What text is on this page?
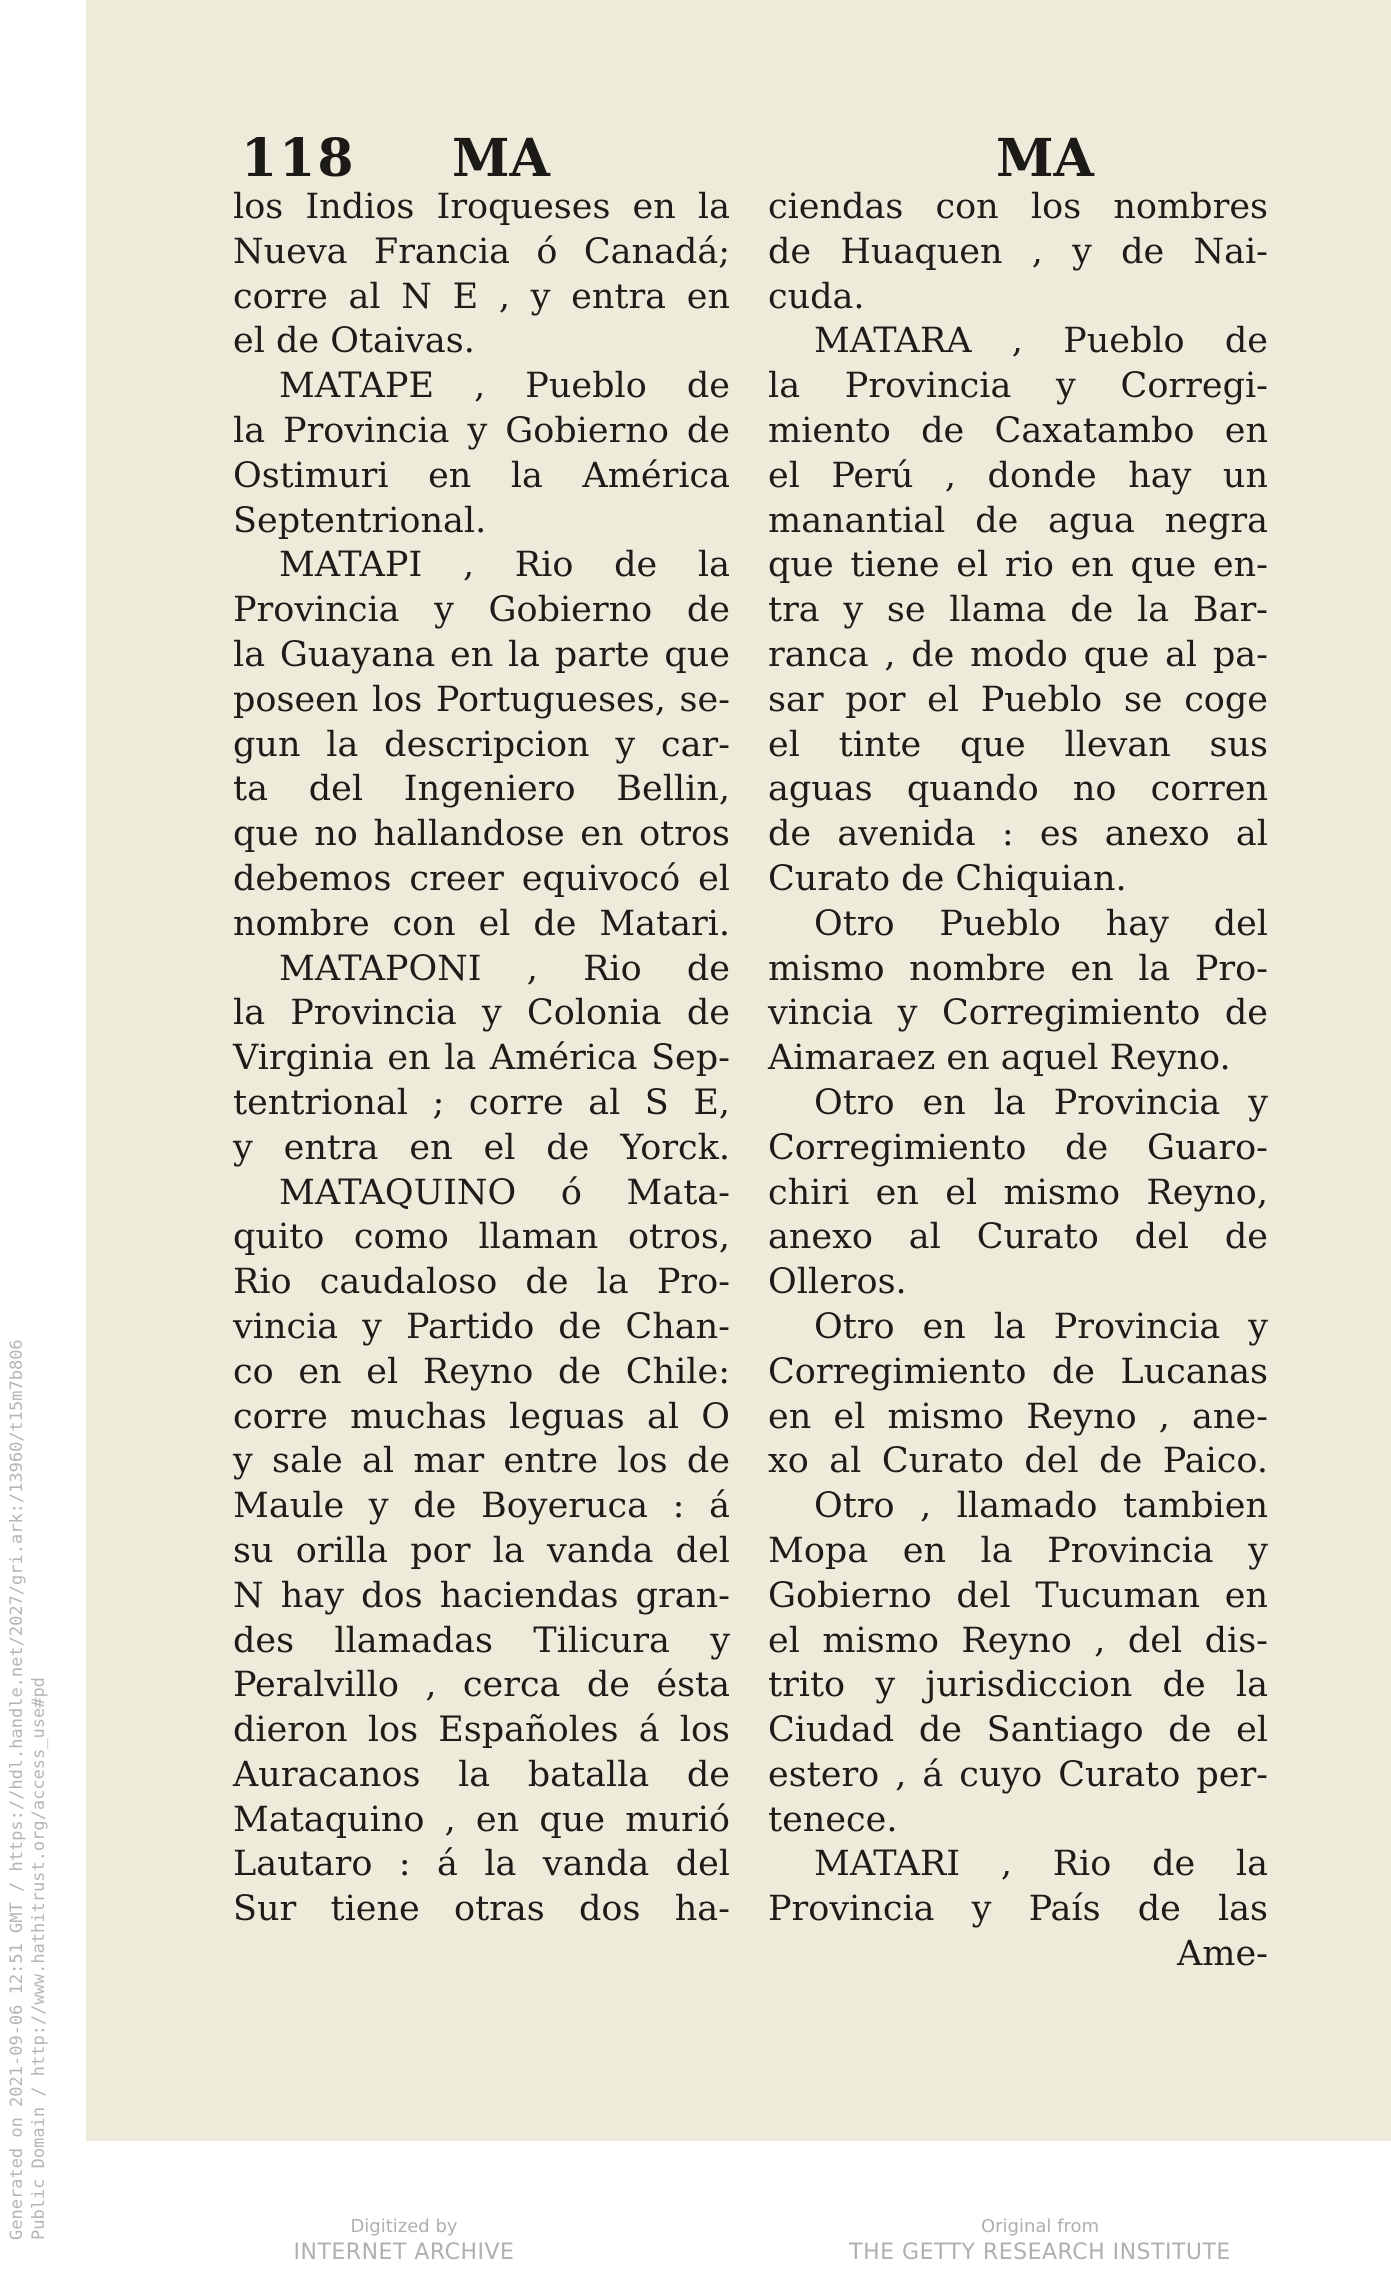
Generated on 2021-09-06 12:51 GMT / https://hdl.handle.net/2027/gri.ark:/13960/t15m7b806 Public Domain / http://www.hathitrust.org/access_use#pd
118 MA	MA
los Indios Iroqueses en la
Nueva Francia ó Canadá;
corre al N E , y entra en
el de Otaivas.
MATAPE , Pueblo de
la Provincia y Gobierno de
Ostimuri en la América
Septentrional.
MATAPI , Rio de la
Provincia y Gobierno de
la Guayana en la parte que
poseen los Portugueses, se-
gun la descripcion y car-
ta del Ingeniero Bellin,
que no hallandose en otros
debemos creer equivocó el
nombre con el de Matari.
MATAPONI , Rio de
la Provincia y Colonia de
Virginia en la América Sep-
tentrional ; corre al S E,
y entra en el de Yorck.
MATAQUINO ó Mata-
quito como llaman otros,
Rio caudaloso de la Pro-
vincia y Partido de Chan-
co en el Reyno de Chile:
corre muchas leguas al O
y sale al mar entre los de
Maule y de Boyeruca : á
su orilla por la vanda del
N hay dos haciendas gran-
des llamadas Tilicura y
Peralvillo , cerca de ésta
dieron los Españoles á los
Auracanos la batalla de
Mataquino , en que murió
Lautaro : á la vanda del
Sur tiene otras dos ha-
ciendas con los nombres
de Huaquen , y de Nai-
cuda.
MATARA , Pueblo de
la Provincia y Corregi-
miento de Caxatambo en
el Perú , donde hay un
manantial de agua negra
que tiene el rio en que en-
tra y se llama de la Bar-
ranca , de modo que al pa-
sar por el Pueblo se coge
el tinte que llevan sus
aguas quando no corren
de avenida : es anexo al
Curato de Chiquian.
Otro Pueblo hay del
mismo nombre en la Pro-
vincia y Corregimiento de
Aimaraez en aquel Reyno.
Otro en la Provincia y
Corregimiento de Guaro-
chiri en el mismo Reyno,
anexo al Curato del de
Olleros.
Otro en la Provincia y
Corregimiento de Lucanas
en el mismo Reyno , ane-
xo al Curato del de Paico.
Otro , llamado tambien
Mopa en la Provincia y
Gobierno del Tucuman en
el mismo Reyno , del dis-
trito y jurisdiccion de la
Ciudad de Santiago de el
estero , á cuyo Curato per-
tenece.
MATARI , Rio de la
Provincia y País de las
Ame-
Digitized by
INTERNET ARCHIVE
Original from
THE GETTY RESEARCH INSTITUTE
